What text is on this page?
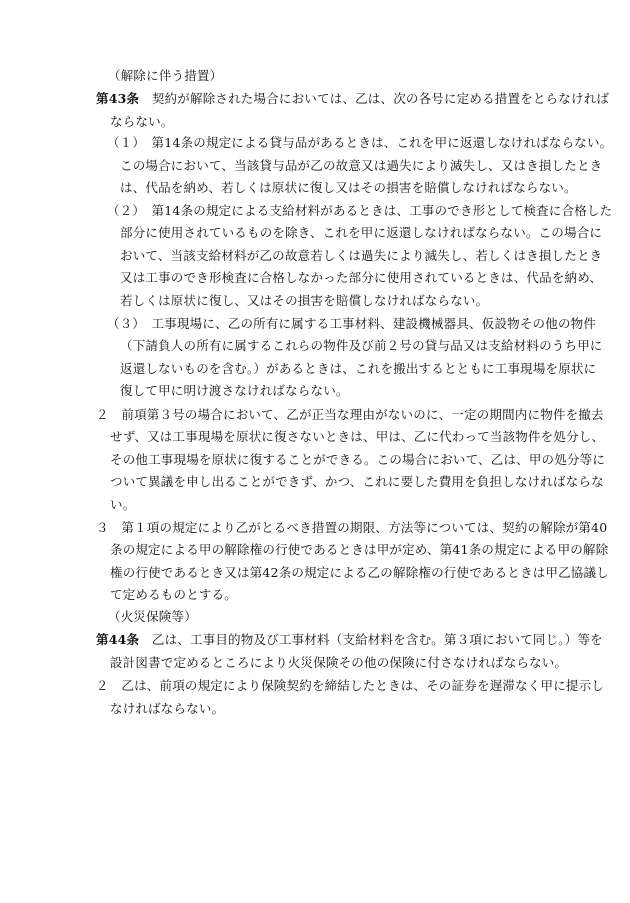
（解除に伴う措置）
第43条　契約が解除された場合においては、乙は、次の各号に定める措置をとらなければ
ならない。
（１）　第14条の規定による貸与品があるときは、これを甲に返還しなければならない。
この場合において、当該貸与品が乙の故意又は過失により滅失し、又はき損したとき
は、代品を納め、若しくは原状に復し又はその損害を賠償しなければならない。
（２）　第14条の規定による支給材料があるときは、工事のでき形として検査に合格した
部分に使用されているものを除き、これを甲に返還しなければならない。この場合に
おいて、当該支給材料が乙の故意若しくは過失により滅失し、若しくはき損したとき
又は工事のでき形検査に合格しなかった部分に使用されているときは、代品を納め、
若しくは原状に復し、又はその損害を賠償しなければならない。
（３）　工事現場に、乙の所有に属する工事材料、建設機械器具、仮設物その他の物件
（下請負人の所有に属するこれらの物件及び前２号の貸与品又は支給材料のうち甲に
返還しないものを含む。）があるときは、これを搬出するとともに工事現場を原状に
復して甲に明け渡さなければならない。
２　前項第３号の場合において、乙が正当な理由がないのに、一定の期間内に物件を撤去
せず、又は工事現場を原状に復さないときは、甲は、乙に代わって当該物件を処分し、
その他工事現場を原状に復することができる。この場合において、乙は、甲の処分等に
ついて異議を申し出ることができず、かつ、これに要した費用を負担しなければならな
い。
３　第１項の規定により乙がとるべき措置の期限、方法等については、契約の解除が第40
条の規定による甲の解除権の行使であるときは甲が定め、第41条の規定による甲の解除
権の行使であるとき又は第42条の規定による乙の解除権の行使であるときは甲乙協議し
て定めるものとする。
（火災保険等）
第44条　乙は、工事目的物及び工事材料（支給材料を含む。第３項において同じ。）等を
設計図書で定めるところにより火災保険その他の保険に付さなければならない。
２　乙は、前項の規定により保険契約を締結したときは、その証券を遅滞なく甲に提示し
なければならない。
